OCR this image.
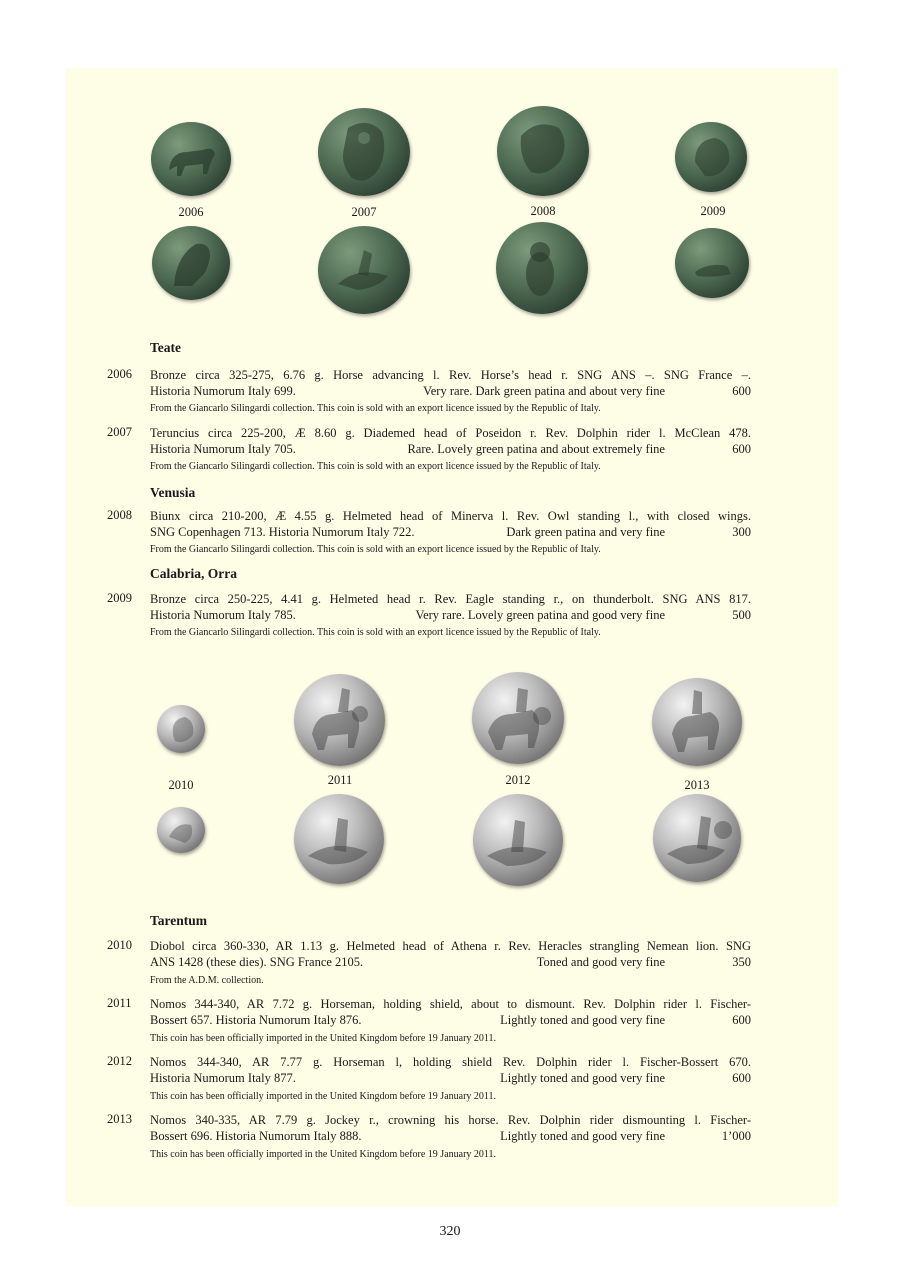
2006	2007	2008	2009
Teate
2006 Bronze circa 325-275, 6.76 g. Horse advancing l. Rev. Horse’s head r. SNG ANS –. SNG France –.
Historia Numorum Italy 699.	Very rare. Dark green patina and about very fine	600
From the Giancarlo Silingardi collection. This coin is sold with an export licence issued by the Republic of Italy.
2007 Teruncius circa 225-200, Æ 8.60 g. Diademed head of Poseidon r. Rev. Dolphin rider l. McClean 478.
Historia Numorum Italy 705.	Rare. Lovely green patina and about extremely fine	600
From the Giancarlo Silingardi collection. This coin is sold with an export licence issued by the Republic of Italy.
Venusia
2008 Biunx circa 210-200, Æ 4.55 g. Helmeted head of Minerva l. Rev. Owl standing l., with closed wings.
SNG Copenhagen 713. Historia Numorum Italy 722.	Dark green patina and very fine	300
From the Giancarlo Silingardi collection. This coin is sold with an export licence issued by the Republic of Italy.
Calabria, Orra
2009 Bronze circa 250-225, 4.41 g. Helmeted head r. Rev. Eagle standing r., on thunderbolt. SNG ANS 817.
Historia Numorum Italy 785.	Very rare. Lovely green patina and good very fine	500
From the Giancarlo Silingardi collection. This coin is sold with an export licence issued by the Republic of Italy.
2010	2011	2012	2013
Tarentum
2010 Diobol circa 360-330, AR 1.13 g. Helmeted head of Athena r. Rev. Heracles strangling Nemean lion. SNG
ANS 1428 (these dies). SNG France 2105.	Toned and good very fine	350
From the A.D.M. collection.
2011 Nomos 344-340, AR 7.72 g. Horseman, holding shield, about to dismount. Rev. Dolphin rider l. Fischer-
Bossert 657. Historia Numorum Italy 876.	Lightly toned and good very fine	600
This coin has been officially imported in the United Kingdom before 19 January 2011.
2012 Nomos 344-340, AR 7.77 g. Horseman l, holding shield Rev. Dolphin rider l. Fischer-Bossert 670.
Historia Numorum Italy 877.	Lightly toned and good very fine	600
This coin has been officially imported in the United Kingdom before 19 January 2011.
2013 Nomos 340-335, AR 7.79 g. Jockey r., crowning his horse. Rev. Dolphin rider dismounting l. Fischer-
Bossert 696. Historia Numorum Italy 888.	Lightly toned and good very fine	1’000
This coin has been officially imported in the United Kingdom before 19 January 2011.
320
